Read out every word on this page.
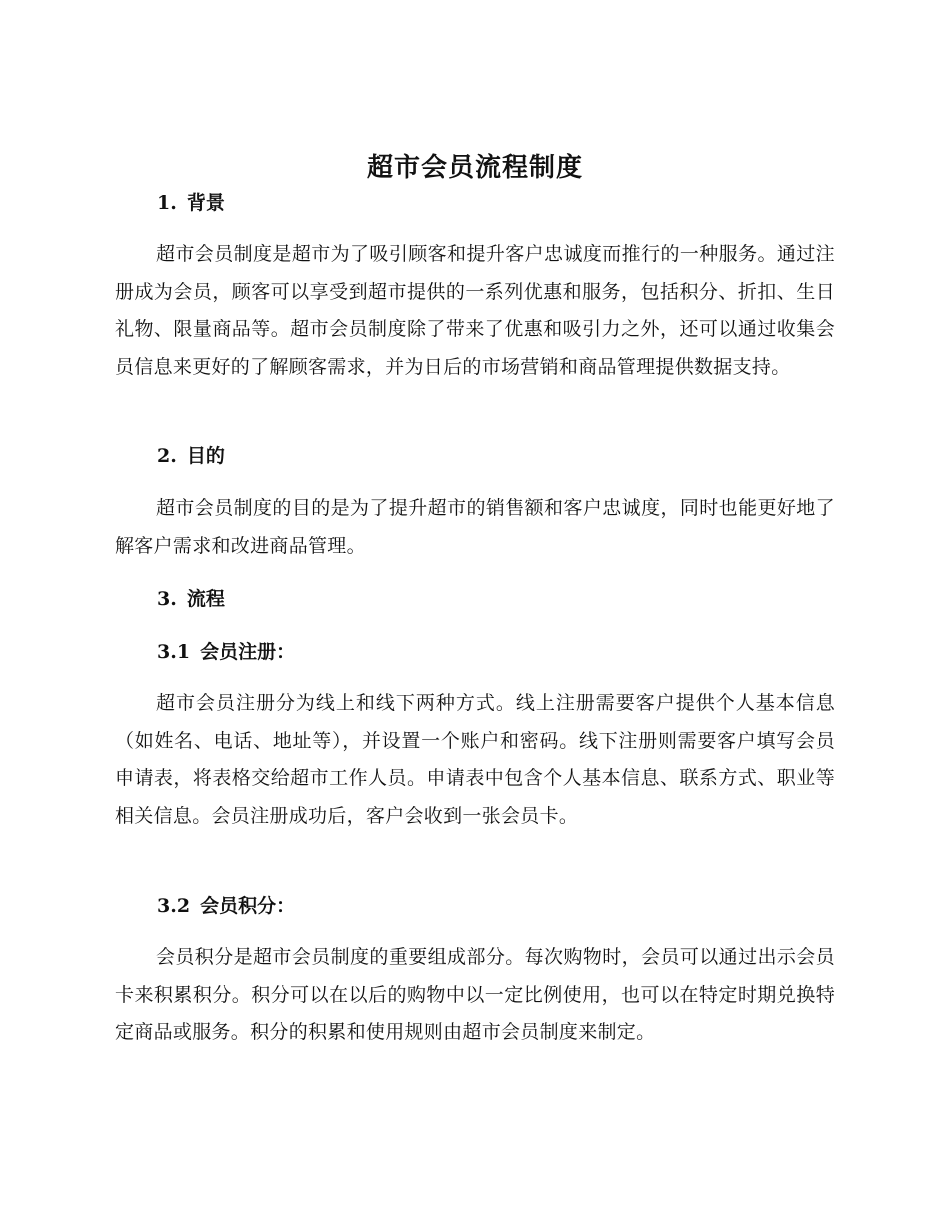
超市会员流程制度
1. 背景

超市会员制度是超市为了吸引顾客和提升客户忠诚度而推行的一种服务。通过注册成为会员，顾客可以享受到超市提供的一系列优惠和服务，包括积分、折扣、生日礼物、限量商品等。超市会员制度除了带来了优惠和吸引力之外，还可以通过收集会员信息来更好的了解顾客需求，并为日后的市场营销和商品管理提供数据支持。

2. 目的

超市会员制度的目的是为了提升超市的销售额和客户忠诚度，同时也能更好地了解客户需求和改进商品管理。

3. 流程
3.1 会员注册：

超市会员注册分为线上和线下两种方式。线上注册需要客户提供个人基本信息（如姓名、电话、地址等），并设置一个账户和密码。线下注册则需要客户填写会员申请表，将表格交给超市工作人员。申请表中包含个人基本信息、联系方式、职业等相关信息。会员注册成功后，客户会收到一张会员卡。

3.2 会员积分：

会员积分是超市会员制度的重要组成部分。每次购物时，会员可以通过出示会员卡来积累积分。积分可以在以后的购物中以一定比例使用，也可以在特定时期兑换特定商品或服务。积分的积累和使用规则由超市会员制度来制定。
